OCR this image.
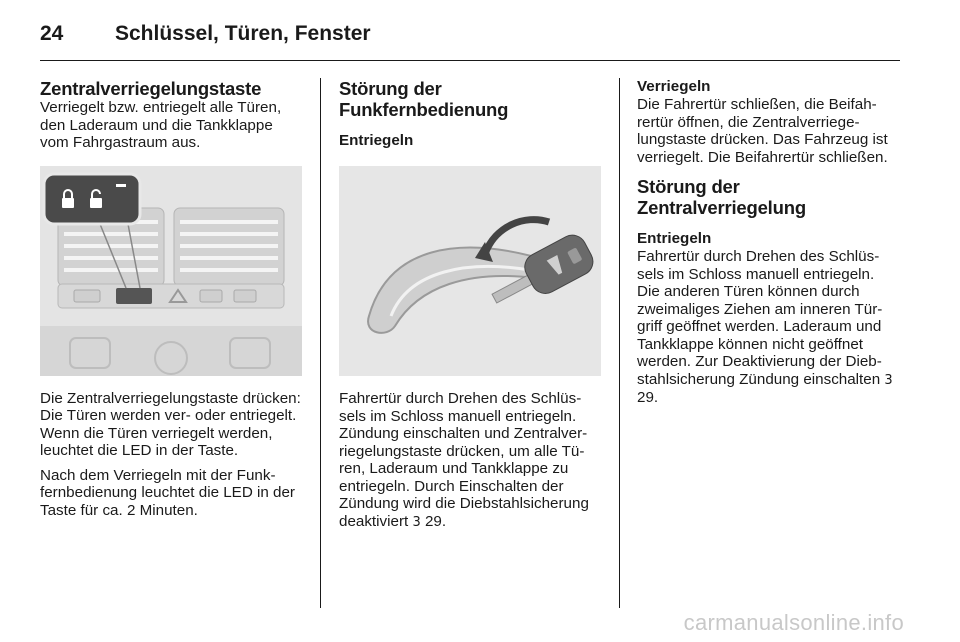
24	Schlüssel, Türen, Fenster
Zentralverriegelungstaste

Verriegelt bzw. entriegelt alle Türen, den Laderaum und die Tankklappe vom Fahrgastraum aus.

Die Zentralverriegelungstaste drücken: Die Türen werden ver- oder entriegelt. Wenn die Türen verriegelt werden, leuchtet die LED in der Taste.

Nach dem Verriegeln mit der Funk-fernbedienung leuchtet die LED in der Taste für ca. 2 Minuten.

Störung der Funkfernbedienung
Entriegeln

Fahrertür durch Drehen des Schlüs-sels im Schloss manuell entriegeln. Zündung einschalten und Zentralver-riegelungstaste drücken, um alle Tü-ren, Laderaum und Tankklappe zu entriegeln. Durch Einschalten der Zündung wird die Diebstahlsicherung deaktiviert 3 29.

Verriegeln

Die Fahrertür schließen, die Beifah-rertür öffnen, die Zentralverriege-lungstaste drücken. Das Fahrzeug ist verriegelt. Die Beifahrertür schließen.

Störung der Zentralverriegelung
Entriegeln

Fahrertür durch Drehen des Schlüs-sels im Schloss manuell entriegeln. Die anderen Türen können durch zweimaliges Ziehen am inneren Tür-griff geöffnet werden. Laderaum und Tankklappe können nicht geöffnet werden. Zur Deaktivierung der Dieb-stahlsicherung Zündung einschalten 3 29.

carmanualsonline.info
